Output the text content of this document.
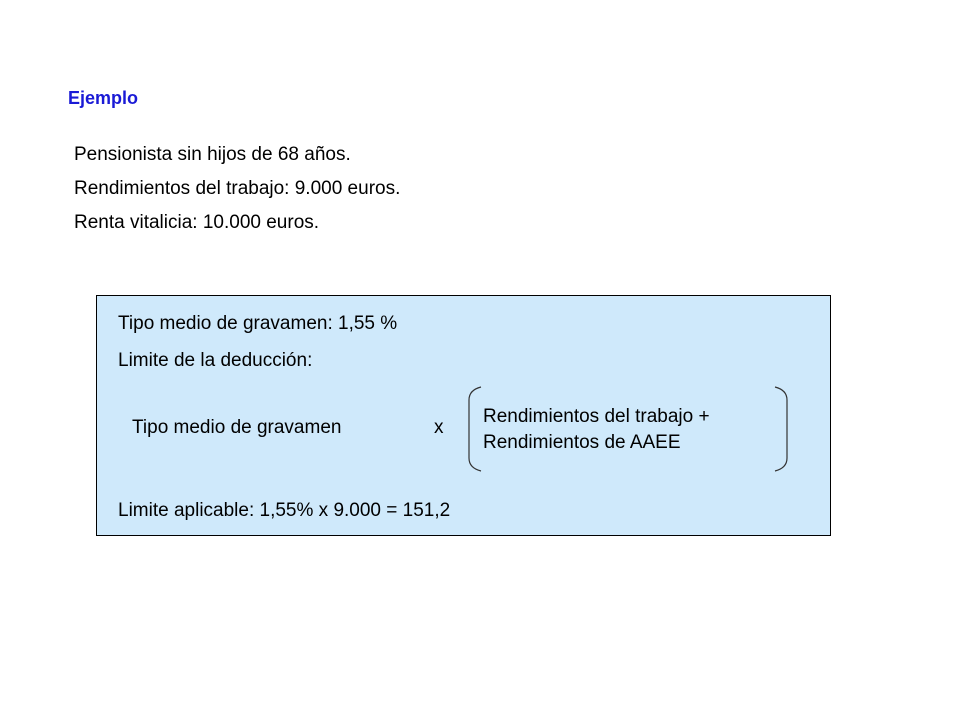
Ejemplo
Pensionista sin hijos de 68 años.
Rendimientos del trabajo: 9.000 euros.
Renta vitalicia: 10.000 euros.
Tipo medio de gravamen: 1,55 %
Limite de la deducción:
Tipo medio de gravamen	x
Rendimientos del trabajo +
Rendimientos de AAEE
Limite aplicable: 1,55% x 9.000 = 151,2
